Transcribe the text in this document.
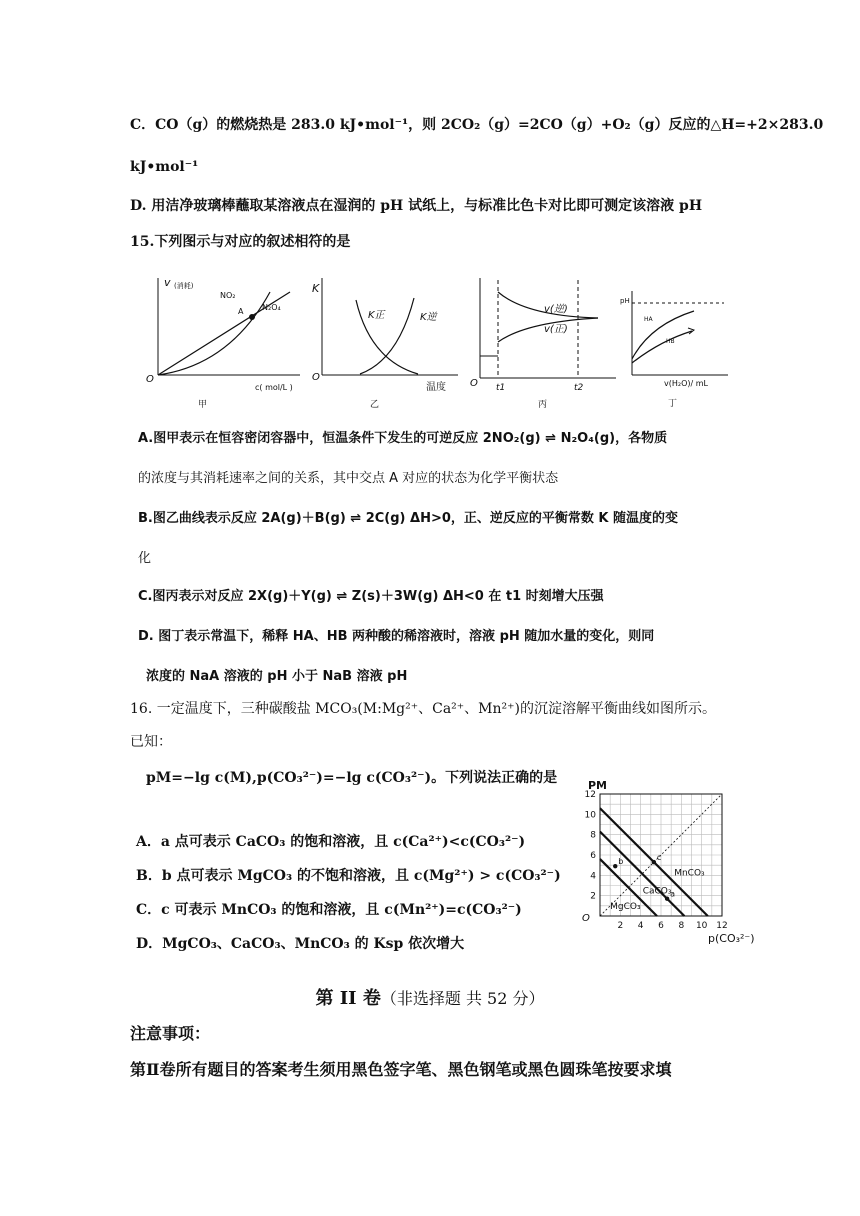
C．CO（g）的燃烧热是 283.0 kJ•mol⁻¹，则 2CO₂（g）=2CO（g）+O₂（g）反应的△H=+2×283.0
kJ•mol⁻¹
D. 用洁净玻璃棒蘸取某溶液点在湿润的 pH 试纸上，与标准比色卡对比即可测定该溶液 pH
15.下列图示与对应的叙述相符的是
v (消耗)
NO₂
N₂O₄
A
O
c( mol/L )
甲
K
K正	K逆
O
温度
乙
v(逆)
v(正)
O t1	t2
丙
pH
HA
HB
v(H₂O)/ mL
丁
A.图甲表示在恒容密闭容器中，恒温条件下发生的可逆反应 2NO₂(g) ⇌ N₂O₄(g)，各物质
的浓度与其消耗速率之间的关系，其中交点 A 对应的状态为化学平衡状态
B.图乙曲线表示反应 2A(g)＋B(g) ⇌ 2C(g) ΔH>0，正、逆反应的平衡常数 K 随温度的变
化
C.图丙表示对反应 2X(g)＋Y(g) ⇌ Z(s)＋3W(g) ΔH<0 在 t1 时刻增大压强
D. 图丁表示常温下，稀释 HA、HB 两种酸的稀溶液时，溶液 pH 随加水量的变化，则同
浓度的 NaA 溶液的 pH 小于 NaB 溶液 pH
16. 一定温度下，三种碳酸盐 MCO₃(M:Mg²⁺、Ca²⁺、Mn²⁺)的沉淀溶解平衡曲线如图所示。
已知：
pM=−lg c(M),p(CO₃²⁻)=−lg c(CO₃²⁻)。下列说法正确的是
A．a 点可表示 CaCO₃ 的饱和溶液，且 c(Ca²⁺)<c(CO₃²⁻)
B．b 点可表示 MgCO₃ 的不饱和溶液，且 c(Mg²⁺) > c(CO₃²⁻)
C．c 可表示 MnCO₃ 的饱和溶液，且 c(Mn²⁺)=c(CO₃²⁻)
D．MgCO₃、CaCO₃、MnCO₃ 的 Ksp 依次增大
2
2
4
4
6
6
8
8
10
10
12
12
MnCO₃
CaCO₃
MgCO₃
a
b	c
PM
O
p(CO₃²⁻)
第 II 卷（非选择题 共 52 分）
注意事项：
第Ⅱ卷所有题目的答案考生须用黑色签字笔、黑色钢笔或黑色圆珠笔按要求填
